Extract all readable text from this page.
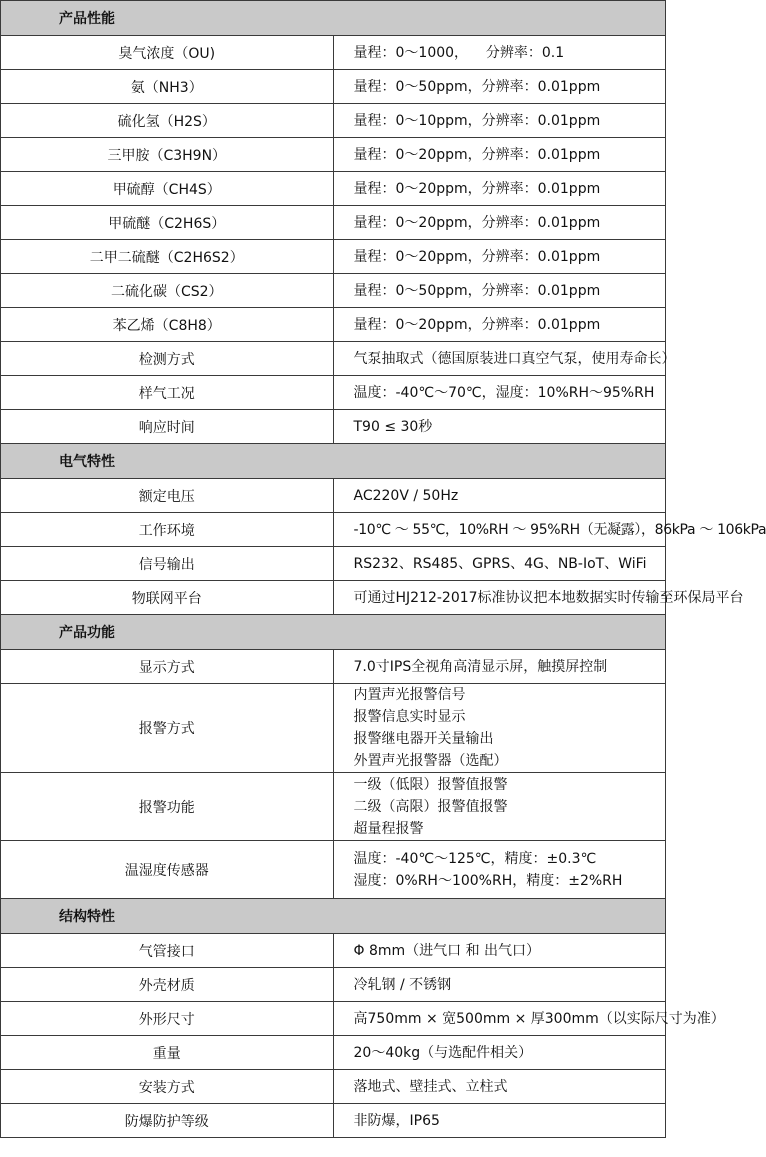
产品性能	
臭气浓度（OU)	量程：0～1000，    分辨率：0.1

氨（NH3）	量程：0～50ppm，分辨率：0.01ppm

硫化氢（H2S）	量程：0～10ppm，分辨率：0.01ppm

三甲胺（C3H9N）	量程：0～20ppm，分辨率：0.01ppm

甲硫醇（CH4S）	量程：0～20ppm，分辨率：0.01ppm

甲硫醚（C2H6S）	量程：0～20ppm，分辨率：0.01ppm

二甲二硫醚（C2H6S2）	量程：0～20ppm，分辨率：0.01ppm

二硫化碳（CS2）	量程：0～50ppm，分辨率：0.01ppm

苯乙烯（C8H8）	量程：0～20ppm，分辨率：0.01ppm

检测方式	气泵抽取式（德国原装进口真空气泵，使用寿命长）

样气工况	温度：-40℃～70℃，湿度：10%RH～95%RH

响应时间	T90 ≤ 30秒

电气特性	
额定电压	AC220V / 50Hz

工作环境	-10℃ ～ 55℃，10%RH ～ 95%RH（无凝露），86kPa ～ 106kPa

信号输出	RS232、RS485、GPRS、4G、NB-IoT、WiFi

物联网平台	可通过HJ212-2017标准协议把本地数据实时传输至环保局平台

产品功能	
显示方式	7.0寸IPS全视角高清显示屏，触摸屏控制

报警方式	内置声光报警信号
报警信息实时显示
报警继电器开关量输出
外置声光报警器（选配）

报警功能	一级（低限）报警值报警
二级（高限）报警值报警
超量程报警

温湿度传感器	温度：-40℃～125℃，精度：±0.3℃
湿度：0%RH～100%RH，精度：±2%RH

结构特性	
气管接口	Φ 8mm（进气口 和 出气口）

外壳材质	冷轧钢 / 不锈钢

外形尺寸	高750mm × 宽500mm × 厚300mm（以实际尺寸为准）

重量	20～40kg（与选配件相关）

安装方式	落地式、壁挂式、立柱式

防爆防护等级	非防爆，IP65
